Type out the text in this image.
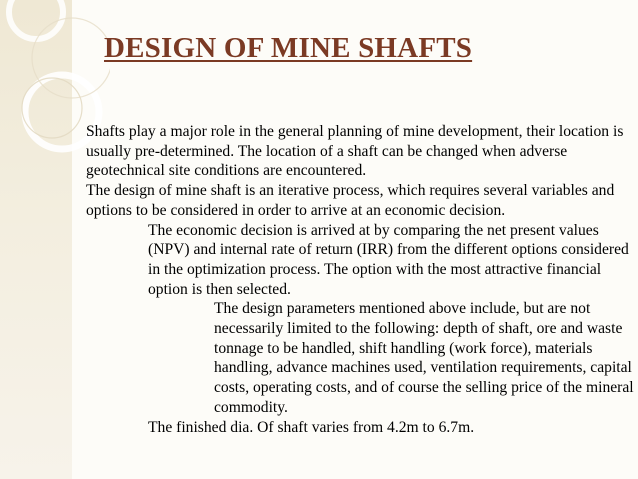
DESIGN OF MINE SHAFTS

Shafts play a major role in the general planning of mine development, their location is usually pre-determined. The location of a shaft can be changed when adverse geotechnical site conditions are encountered.

The design of mine shaft is an iterative process, which requires several variables and options to be considered in order to arrive at an economic decision.

The economic decision is arrived at by comparing the net present values (NPV) and internal rate of return (IRR) from the different options considered in the optimization process. The option with the most attractive financial option is then selected.

The design parameters mentioned above include, but are not necessarily limited to the following: depth of shaft, ore and waste tonnage to be handled, shift handling (work force), materials handling, advance machines used, ventilation requirements, capital costs, operating costs, and of course the selling price of the mineral commodity.

The finished dia. Of shaft varies from 4.2m to 6.7m.
